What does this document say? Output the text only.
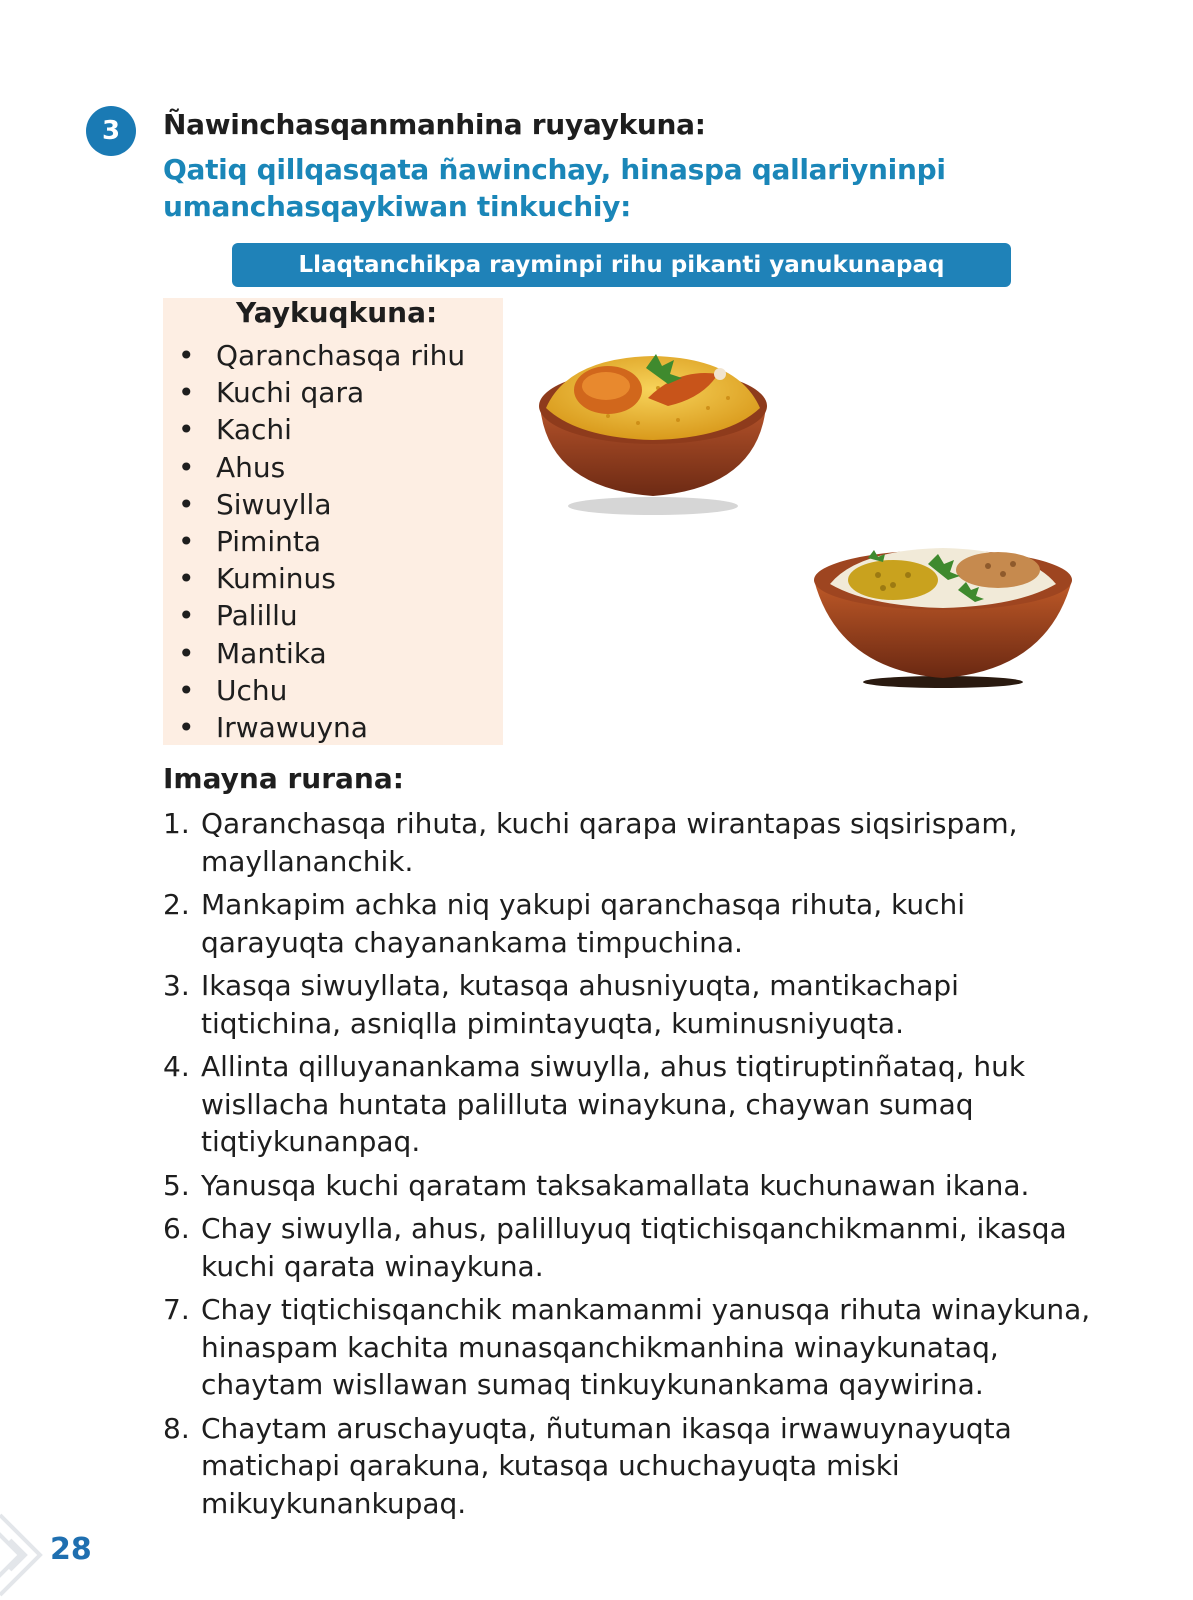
3	Ñawinchasqanmanhina ruyaykuna:

Qatiq qillqasqata ñawinchay, hinaspa qallariyninpi umanchasqaykiwan tinkuchiy:

Llaqtanchikpa rayminpi rihu pikanti yanukunapaq
Yaykuqkuna:
• Qaranchasqa rihu
• Kuchi qara
• Kachi
• Ahus
• Siwuylla
• Piminta
• Kuminus
• Palillu
• Mantika
• Uchu
• Irwawuyna
Imayna rurana:
1. Qaranchasqa rihuta, kuchi qarapa wirantapas siqsirispam, mayllananchik.
2. Mankapim achka niq yakupi qaranchasqa rihuta, kuchi qarayuqta chayanankama timpuchina.
3. Ikasqa siwuyllata, kutasqa ahusniyuqta, mantikachapi tiqtichina, asniqlla pimintayuqta, kuminusniyuqta.
4. Allinta qilluyanankama siwuylla, ahus tiqtiruptinñataq, huk wisllacha huntata palilluta winaykuna, chaywan sumaq tiqtiykunanpaq.
5. Yanusqa kuchi qaratam taksakamallata kuchunawan ikana.
6. Chay siwuylla, ahus, palilluyuq tiqtichisqanchikmanmi, ikasqa kuchi qarata winaykuna.
7. Chay tiqtichisqanchik mankamanmi yanusqa rihuta winaykuna, hinaspam kachita munasqanchikmanhina winaykunataq, chaytam wisllawan sumaq tinkuykunankama qaywirina.
8. Chaytam aruschayuqta, ñutuman ikasqa irwawuynayuqta matichapi qarakuna, kutasqa uchuchayuqta miski mikuykunankupaq.
28
